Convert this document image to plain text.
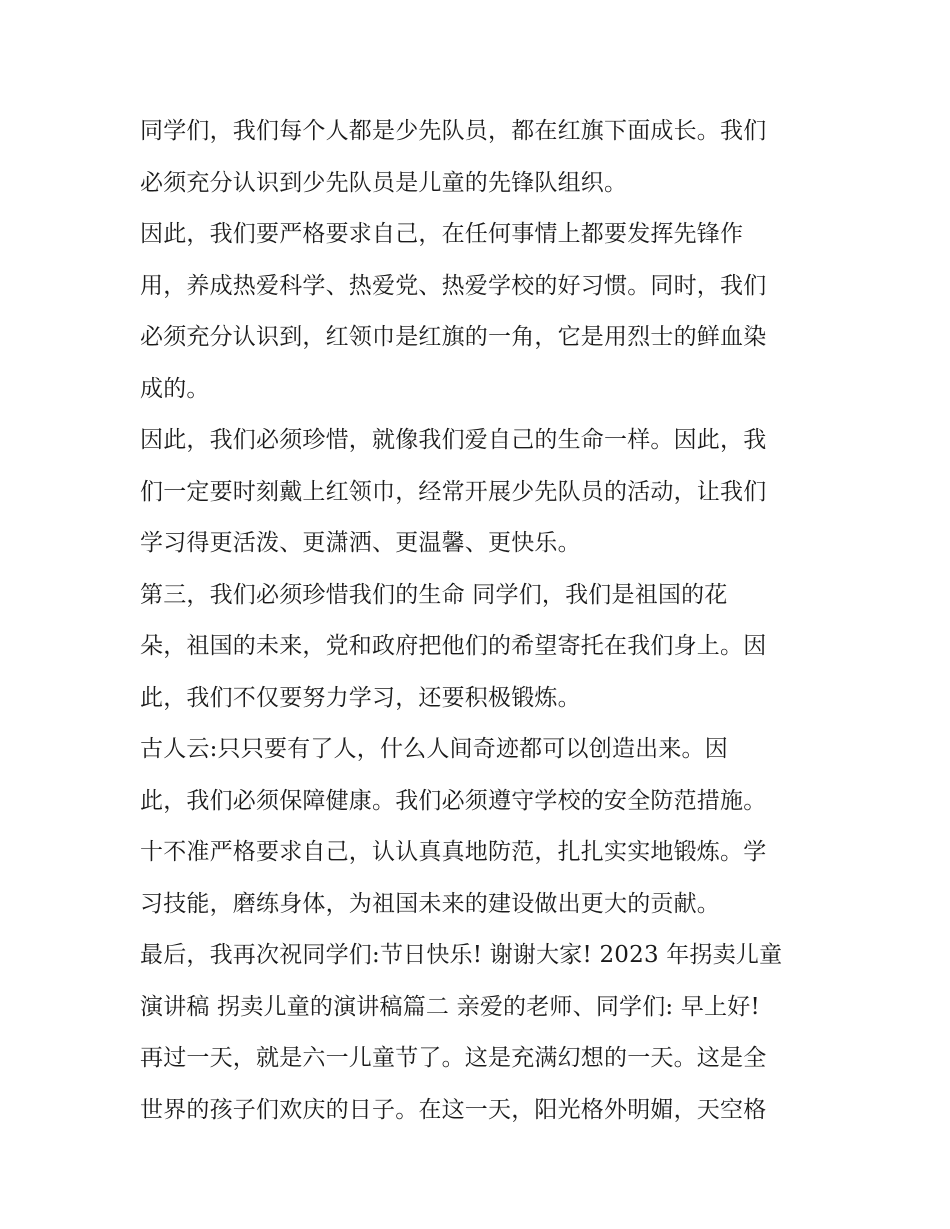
同学们，我们每个人都是少先队员，都在红旗下面成长。我们
必须充分认识到少先队员是儿童的先锋队组织。
因此，我们要严格要求自己，在任何事情上都要发挥先锋作
用，养成热爱科学、热爱党、热爱学校的好习惯。同时，我们
必须充分认识到，红领巾是红旗的一角，它是用烈士的鲜血染
成的。
因此，我们必须珍惜，就像我们爱自己的生命一样。因此，我
们一定要时刻戴上红领巾，经常开展少先队员的活动，让我们
学习得更活泼、更潇洒、更温馨、更快乐。
第三，我们必须珍惜我们的生命 同学们，我们是祖国的花
朵，祖国的未来，党和政府把他们的希望寄托在我们身上。因
此，我们不仅要努力学习，还要积极锻炼。
古人云:只只要有了人，什么人间奇迹都可以创造出来。因
此，我们必须保障健康。我们必须遵守学校的安全防范措施。
十不准严格要求自己，认认真真地防范，扎扎实实地锻炼。学
习技能，磨练身体，为祖国未来的建设做出更大的贡献。
最后，我再次祝同学们:节日快乐! 谢谢大家! 2023 年拐卖儿童
演讲稿 拐卖儿童的演讲稿篇二 亲爱的老师、同学们: 早上好!
再过一天，就是六一儿童节了。这是充满幻想的一天。这是全
世界的孩子们欢庆的日子。在这一天，阳光格外明媚，天空格
